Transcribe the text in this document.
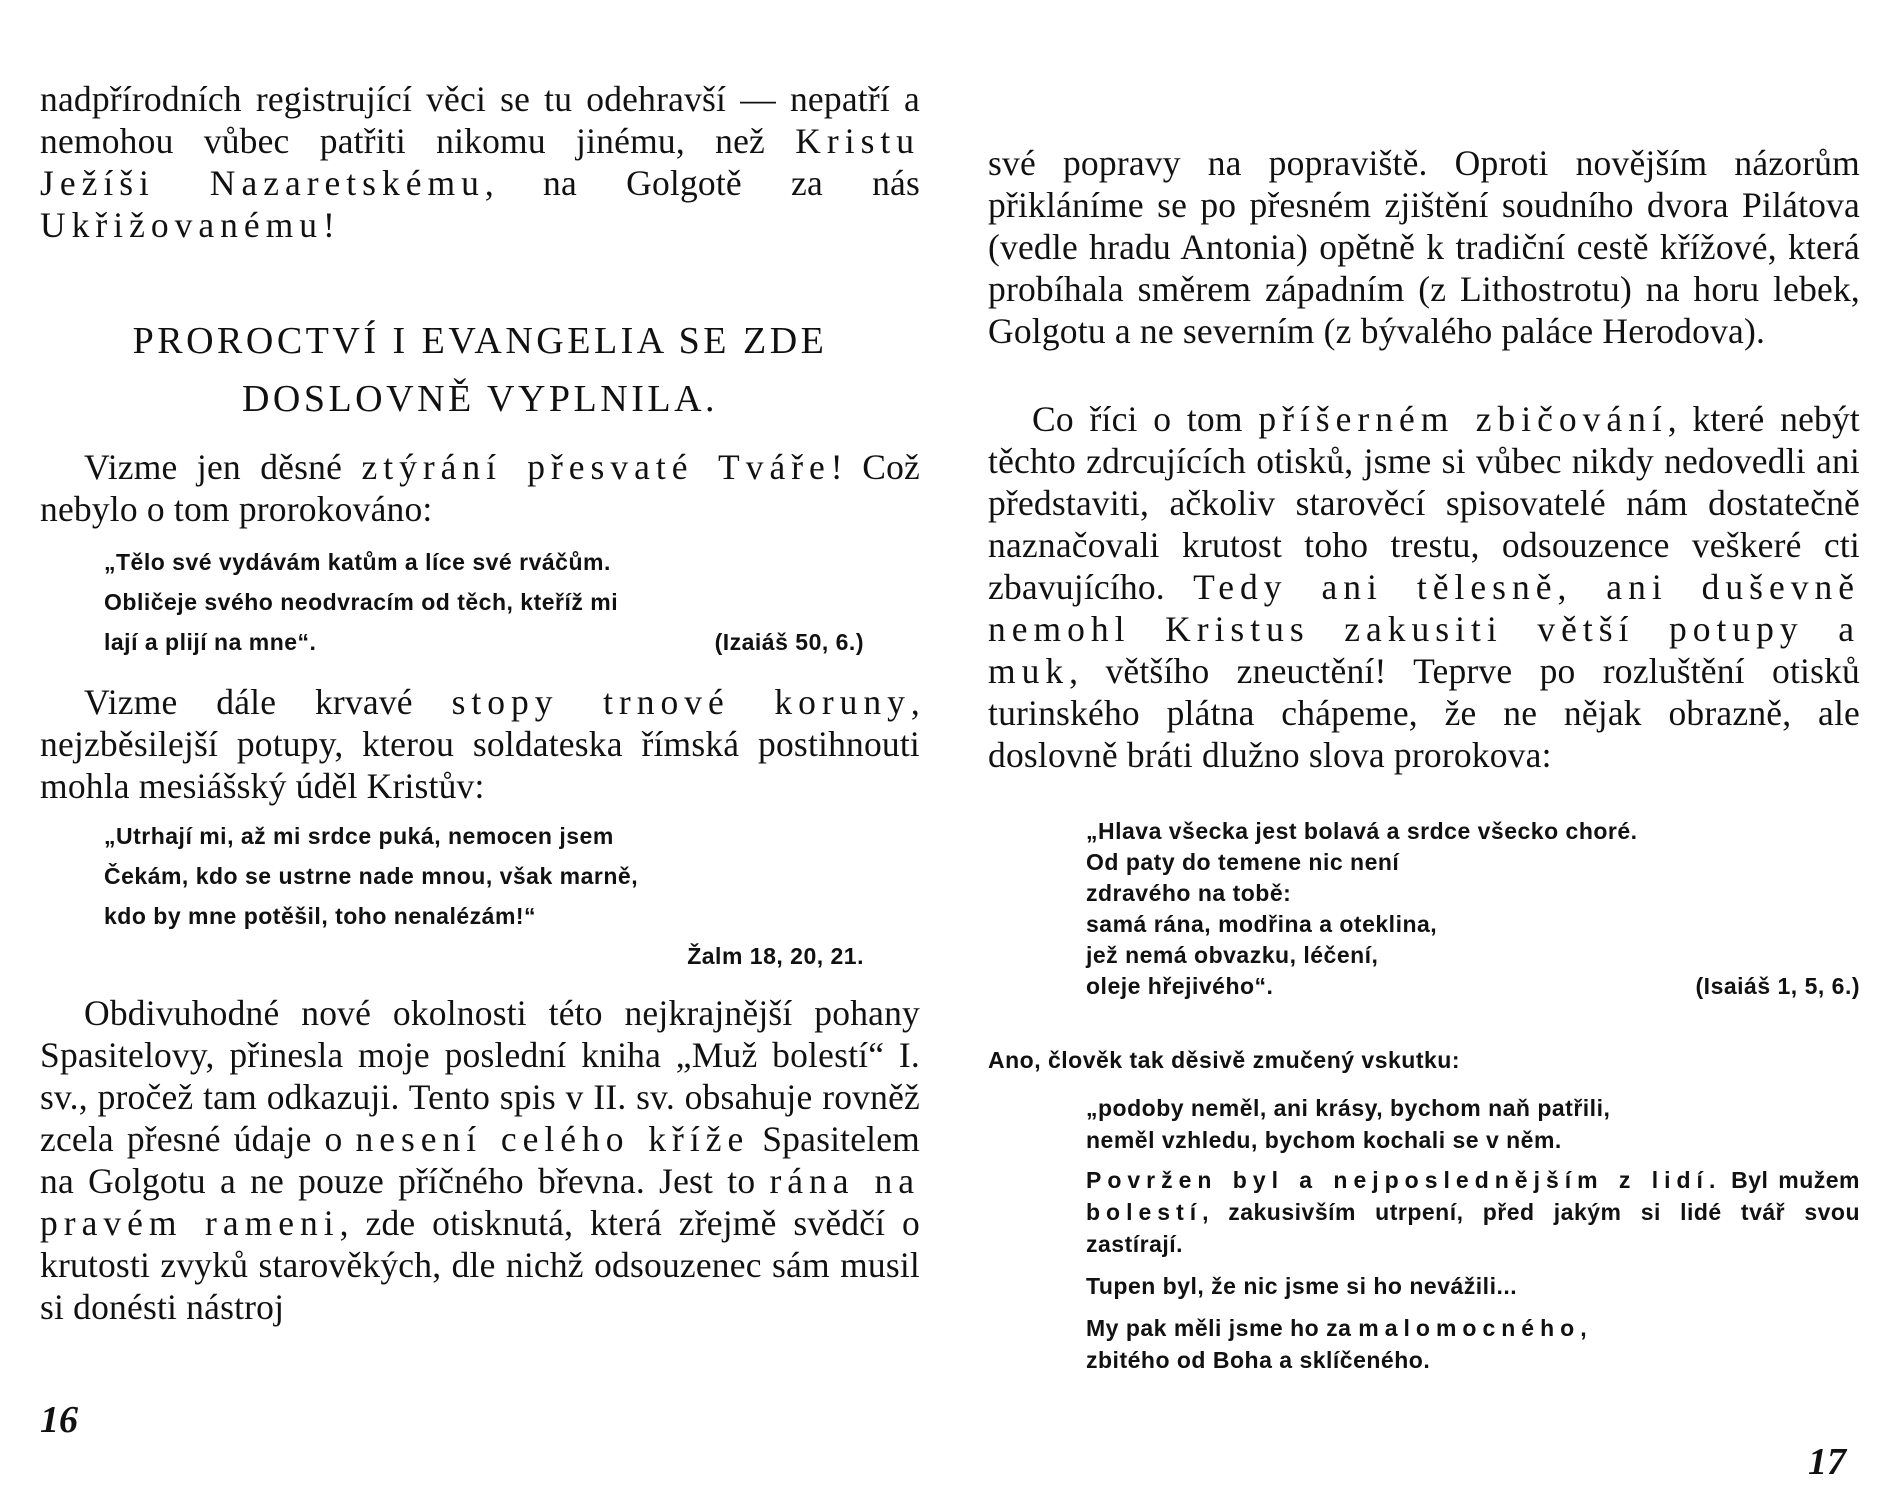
nadpřírodních registrující věci se tu odehravší — nepatří a nemohou vůbec patřiti nikomu jinému, než Kristu Ježíši Nazaretskému, na Golgotě za nás Ukřižovanému!

PROROCTVÍ I EVANGELIA SE ZDE

DOSLOVNĚ VYPLNILA.

Vizme jen děsné ztýrání přesvaté Tváře! Což nebylo o tom prorokováno:
„Tělo své vydávám katům a líce své rváčům.
Obličeje svého neodvracím od těch, kteříž mi
lají a plijí na mne“.	(Izaiáš 50, 6.)
Vizme dále krvavé stopy trnové koruny, nejzběsilejší potupy, kterou soldateska římská postihnouti mohla mesiášský úděl Kristův:
„Utrhají mi, až mi srdce puká, nemocen jsem
Čekám, kdo se ustrne nade mnou, však marně,
kdo by mne potěšil, toho nenalézám!“
Žalm 18, 20, 21.
Obdivuhodné nové okolnosti této nejkrajnější pohany Spasitelovy, přinesla moje poslední kniha „Muž bolestí“ I. sv., pročež tam odkazuji. Tento spis v II. sv. obsahuje rovněž zcela přesné údaje o nesení celého kříže Spasitelem na Golgotu a ne pouze příčného břevna. Jest to rána na pravém rameni, zde otisknutá, která zřejmě svědčí o krutosti zvyků starověkých, dle nichž odsouzenec sám musil si donésti nástroj
16
své popravy na popraviště. Oproti novějším názorům přikláníme se po přesném zjištění soudního dvora Pilátova (vedle hradu Antonia) opětně k tradiční cestě křížové, která probíhala směrem západním (z Lithostrotu) na horu lebek, Golgotu a ne severním (z bývalého paláce Herodova).
Co říci o tom příšerném zbičování, které nebýt těchto zdrcujících otisků, jsme si vůbec nikdy nedovedli ani představiti, ačkoliv starověcí spisovatelé nám dostatečně naznačovali krutost toho trestu, odsouzence veškeré cti zbavujícího. Tedy ani tělesně, ani duševně nemohl Kristus zakusiti větší potupy a muk, většího zneuctění! Teprve po rozluštění otisků turinského plátna chápeme, že ne nějak obrazně, ale doslovně bráti dlužno slova prorokova:
„Hlava všecka jest bolavá a srdce všecko choré.
Od paty do temene nic není
zdravého na tobě:
samá rána, modřina a oteklina,
jež nemá obvazku, léčení,
oleje hřejivého“.	(Isaiáš 1, 5, 6.)
Ano, člověk tak děsivě zmučený vskutku:
„podoby neměl, ani krásy, bychom naň patřili,
neměl vzhledu, bychom kochali se v něm.
Povržen byl a nejposlednějším z lidí. Byl mužem bolestí, zakusivším utrpení, před jakým si lidé tvář svou zastírají.
Tupen byl, že nic jsme si ho nevážili...
My pak měli jsme ho za malomocného,
zbitého od Boha a sklíčeného.
17
